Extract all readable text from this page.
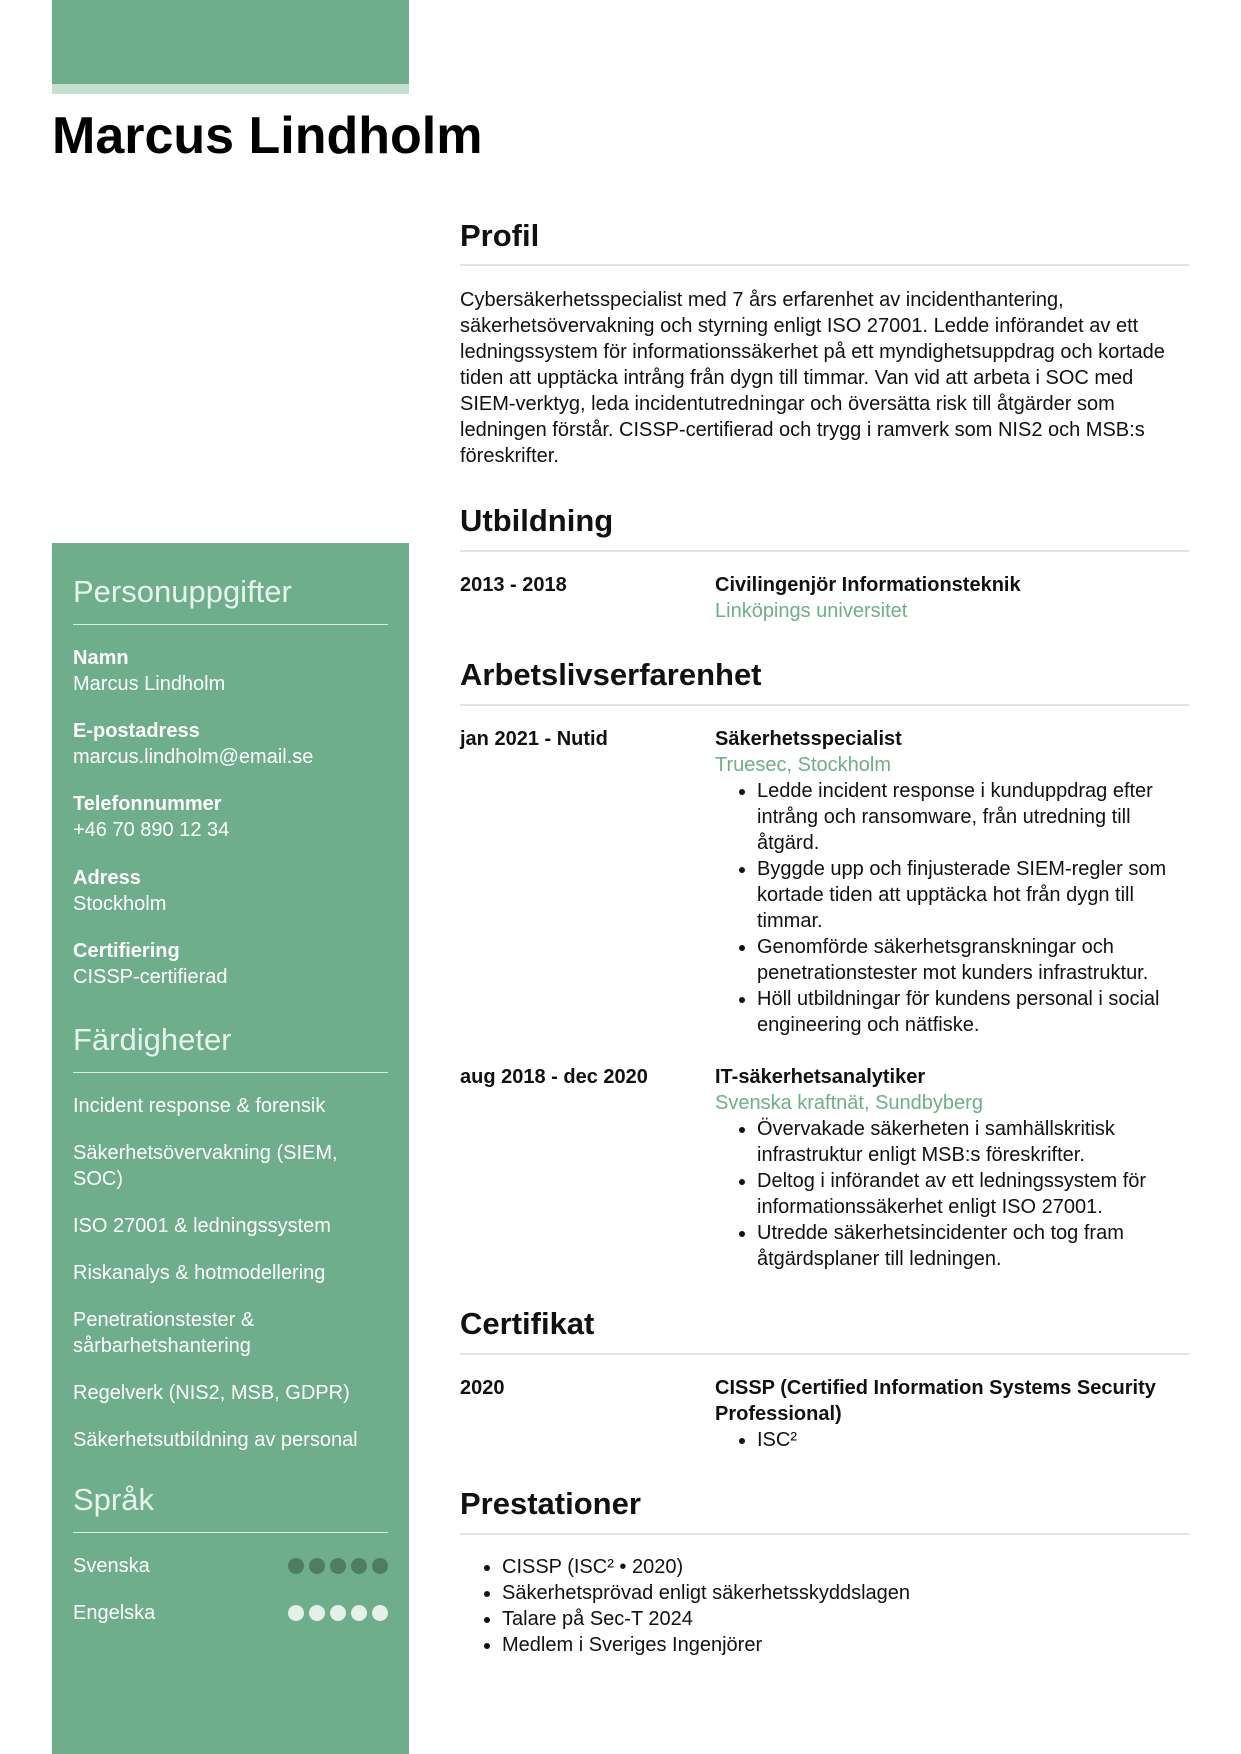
Marcus Lindholm
Personuppgifter
Namn
Marcus Lindholm
E-postadress
marcus.lindholm@email.se
Telefonnummer
+46 70 890 12 34
Adress
Stockholm
Certifiering
CISSP-certifierad
Färdigheter
Incident response & forensik
Säkerhetsövervakning (SIEM, SOC)
ISO 27001 & ledningssystem
Riskanalys & hotmodellering
Penetrationstester & sårbarhetshantering
Regelverk (NIS2, MSB, GDPR)
Säkerhetsutbildning av personal
Språk
Svenska
Engelska
Profil

Cybersäkerhetsspecialist med 7 års erfarenhet av incidenthantering, säkerhetsövervakning och styrning enligt ISO 27001. Ledde införandet av ett ledningssystem för informationssäkerhet på ett myndighetsuppdrag och kortade tiden att upptäcka intrång från dygn till timmar. Van vid att arbeta i SOC med SIEM-verktyg, leda incidentutredningar och översätta risk till åtgärder som ledningen förstår. CISSP-certifierad och trygg i ramverk som NIS2 och MSB:s föreskrifter.

Utbildning
2013 - 2018	Civilingenjör Informationsteknik
Linköpings universitet
Arbetslivserfarenhet
jan 2021 - Nutid	Säkerhetsspecialist
Truesec, Stockholm
• Ledde incident response i kunduppdrag efter intrång och ransomware, från utredning till åtgärd.
• Byggde upp och finjusterade SIEM-regler som kortade tiden att upptäcka hot från dygn till timmar.
• Genomförde säkerhetsgranskningar och penetrationstester mot kunders infrastruktur.
• Höll utbildningar för kundens personal i social engineering och nätfiske.
aug 2018 - dec 2020	IT-säkerhetsanalytiker
Svenska kraftnät, Sundbyberg
• Övervakade säkerheten i samhällskritisk infrastruktur enligt MSB:s föreskrifter.
• Deltog i införandet av ett ledningssystem för informationssäkerhet enligt ISO 27001.
• Utredde säkerhetsincidenter och tog fram åtgärdsplaner till ledningen.
Certifikat
2020	CISSP (Certified Information Systems Security Professional)
• ISC²
Prestationer
• CISSP (ISC² • 2020)
• Säkerhetsprövad enligt säkerhetsskyddslagen
• Talare på Sec-T 2024
• Medlem i Sveriges Ingenjörer
